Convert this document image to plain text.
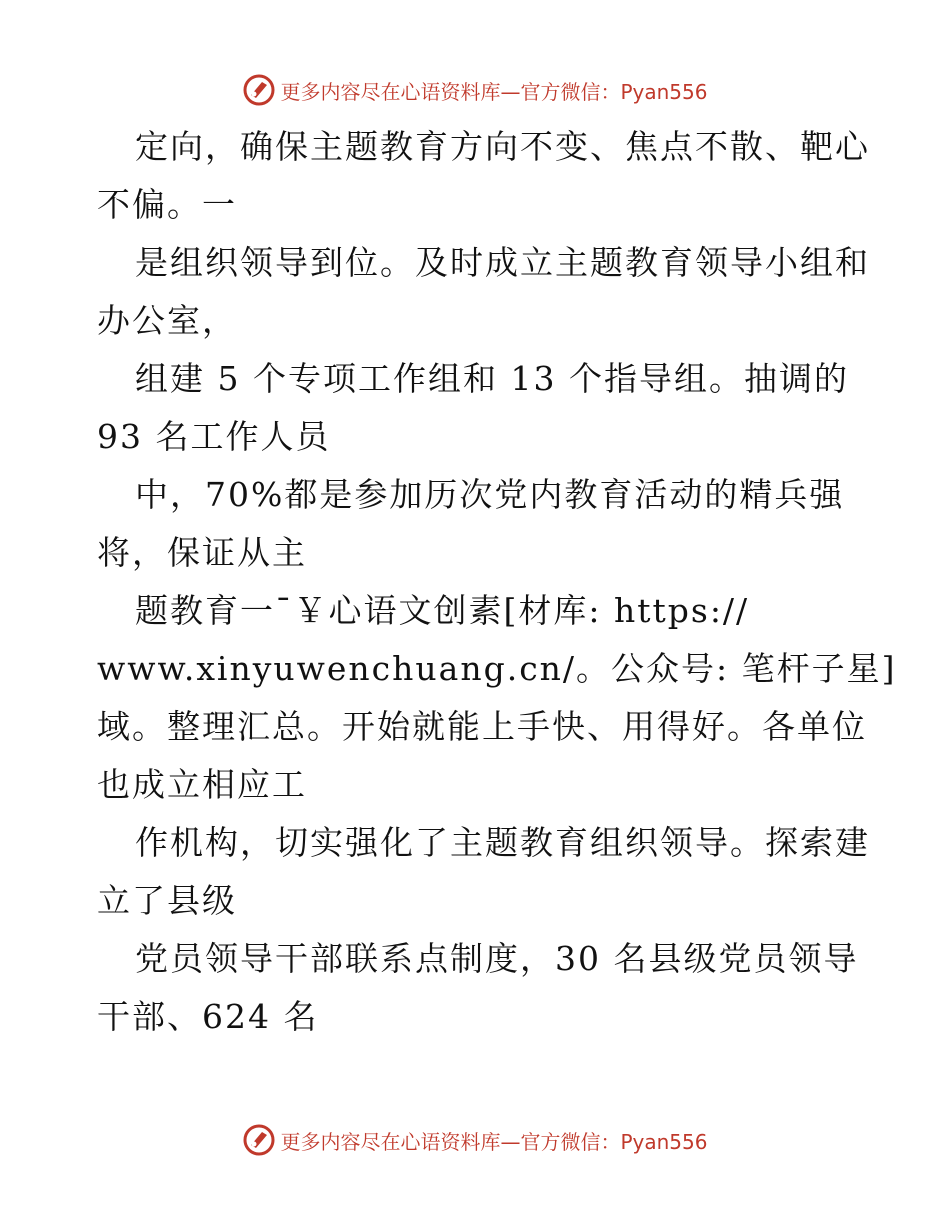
更多内容尽在心语资料库—官方微信：Pyan556
定向，确保主题教育方向不变、焦点不散、靶心
不偏。一
是组织领导到位。及时成立主题教育领导小组和
办公室，
组建 5 个专项工作组和 13 个指导组。抽调的
93 名工作人员
中，70%都是参加历次党内教育活动的精兵强
将，保证从主
题教育一¯￥心语文创素[材库: https://
www.xinyuwenchuang.cn/。公众号: 笔杆子星]
域。整理汇总。开始就能上手快、用得好。各单位
也成立相应工
作机构，切实强化了主题教育组织领导。探索建
立了县级
党员领导干部联系点制度，30 名县级党员领导
干部、624 名
更多内容尽在心语资料库—官方微信：Pyan556
